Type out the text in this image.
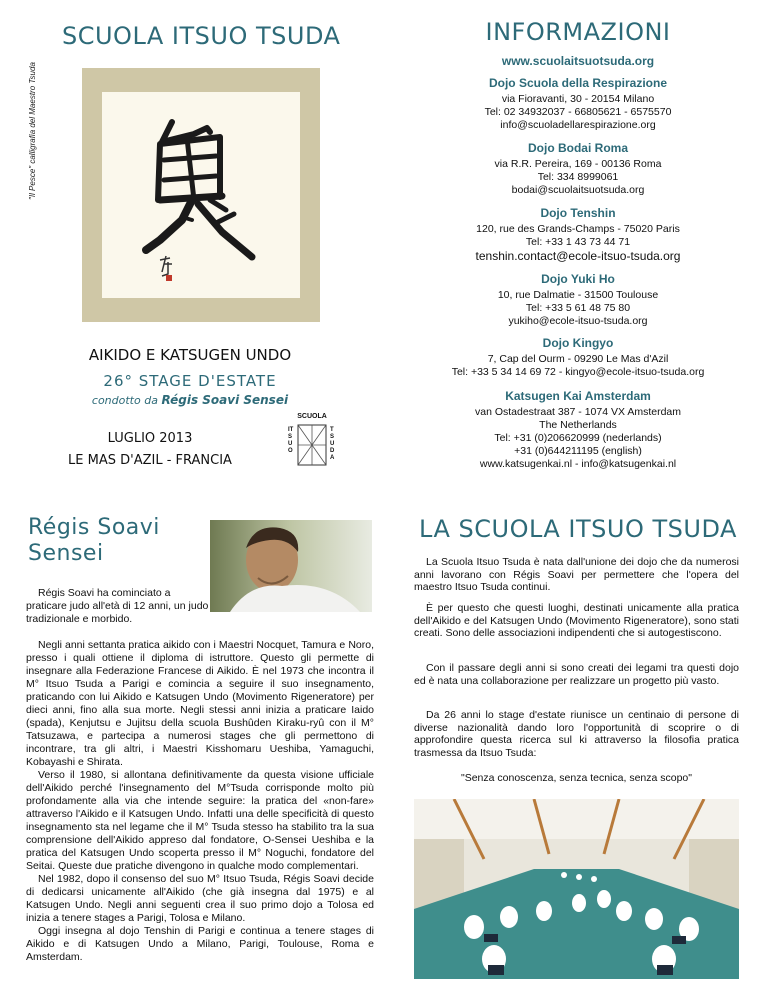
SCUOLA ITSUO TSUDA
"Il Pesce" calligrafia del Maestro Tsuda
INFORMAZIONI
www.scuolaitsuotsuda.org
Dojo Scuola della Respirazione
via Fioravanti, 30 - 20154 Milano
Tel: 02 34932037 - 66805621 - 6575570
info@scuoladellarespirazione.org
Dojo Bodai Roma
via R.R. Pereira, 169 - 00136 Roma
Tel: 334 8999061
bodai@scuolaitsuotsuda.org
Dojo Tenshin
120, rue des Grands-Champs - 75020 Paris
Tel: +33 1 43 73 44 71
tenshin.contact@ecole-itsuo-tsuda.org
Dojo Yuki Ho
10, rue Dalmatie - 31500 Toulouse
Tel: +33 5 61 48 75 80
yukiho@ecole-itsuo-tsuda.org
Dojo Kingyo
7, Cap del Ourm - 09290 Le Mas d'Azil
Tel: +33 5 34 14 69 72 - kingyo@ecole-itsuo-tsuda.org
Katsugen Kai Amsterdam
van Ostadestraat 387 - 1074 VX Amsterdam
The Netherlands
Tel: +31 (0)206620999 (nederlands)
+31 (0)644211195 (english)
www.katsugenkai.nl - info@katsugenkai.nl
AIKIDO E KATSUGEN UNDO
26° STAGE D'ESTATE
condotto da Régis Soavi Sensei
LUGLIO 2013
LE MAS D'AZIL - FRANCIA
SCUOLA
ITSUO
TSUDA
Régis Soavi
Sensei

Régis Soavi ha cominciato a praticare judo all'età di 12 anni, un judo tradizionale e morbido.

Negli anni settanta pratica aikido con i Maestri Nocquet, Tamura e Noro, presso i quali ottiene il diploma di istruttore. Questo gli permette di insegnare alla Federazione Francese di Aikido. È nel 1973 che incontra il M° Itsuo Tsuda a Parigi e comincia a seguire il suo insegnamento, praticando con lui Aikido e Katsugen Undo (Movimento Rigeneratore) per dieci anni, fino alla sua morte. Negli stessi anni inizia a praticare Iaido (spada), Kenjutsu e Jujitsu della scuola Bushûden Kiraku-ryû con il M° Tatsuzawa, e partecipa a numerosi stages che gli permettono di incontrare, tra gli altri, i Maestri Kisshomaru Ueshiba, Yamaguchi, Kobayashi e Shirata.

Verso il 1980, si allontana definitivamente da questa visione ufficiale dell'Aikido perché l'insegnamento del M°Tsuda corrisponde molto più profondamente alla via che intende seguire: la pratica del «non-fare» attraverso l'Aikido e il Katsugen Undo. Infatti una delle specificità di questo insegnamento sta nel legame che il M° Tsuda stesso ha stabilito tra la sua comprensione dell'Aikido appreso dal fondatore, O-Sensei Ueshiba e la pratica del Katsugen Undo scoperta presso il M° Noguchi, fondatore del Seitai. Queste due pratiche divengono in qualche modo complementari.

Nel 1982, dopo il consenso del suo M° Itsuo Tsuda, Régis Soavi decide di dedicarsi unicamente all'Aikido (che già insegna dal 1975) e al Katsugen Undo. Negli anni seguenti crea il suo primo dojo a Tolosa ed inizia a tenere stages a Parigi, Tolosa e Milano.

Oggi insegna al dojo Tenshin di Parigi e continua a tenere stages di Aikido e di Katsugen Undo a Milano, Parigi, Toulouse, Roma e Amsterdam.

LA SCUOLA ITSUO TSUDA

La Scuola Itsuo Tsuda è nata dall'unione dei dojo che da numerosi anni lavorano con Régis Soavi per permettere che l'opera del maestro Itsuo Tsuda continui.

È per questo che questi luoghi, destinati unicamente alla pratica dell'Aikido e del Katsugen Undo (Movimento Rigeneratore), sono stati creati. Sono delle associazioni indipendenti che si autogestiscono.

Con il passare degli anni si sono creati dei legami tra questi dojo ed è nata una collaborazione per realizzare un progetto più vasto.

Da 26 anni lo stage d'estate riunisce un centinaio di persone di diverse nazionalità dando loro l'opportunità di scoprire o di approfondire questa ricerca sul ki attraverso la filosofia pratica trasmessa da Itsuo Tsuda:

"Senza conoscenza, senza tecnica, senza scopo"
